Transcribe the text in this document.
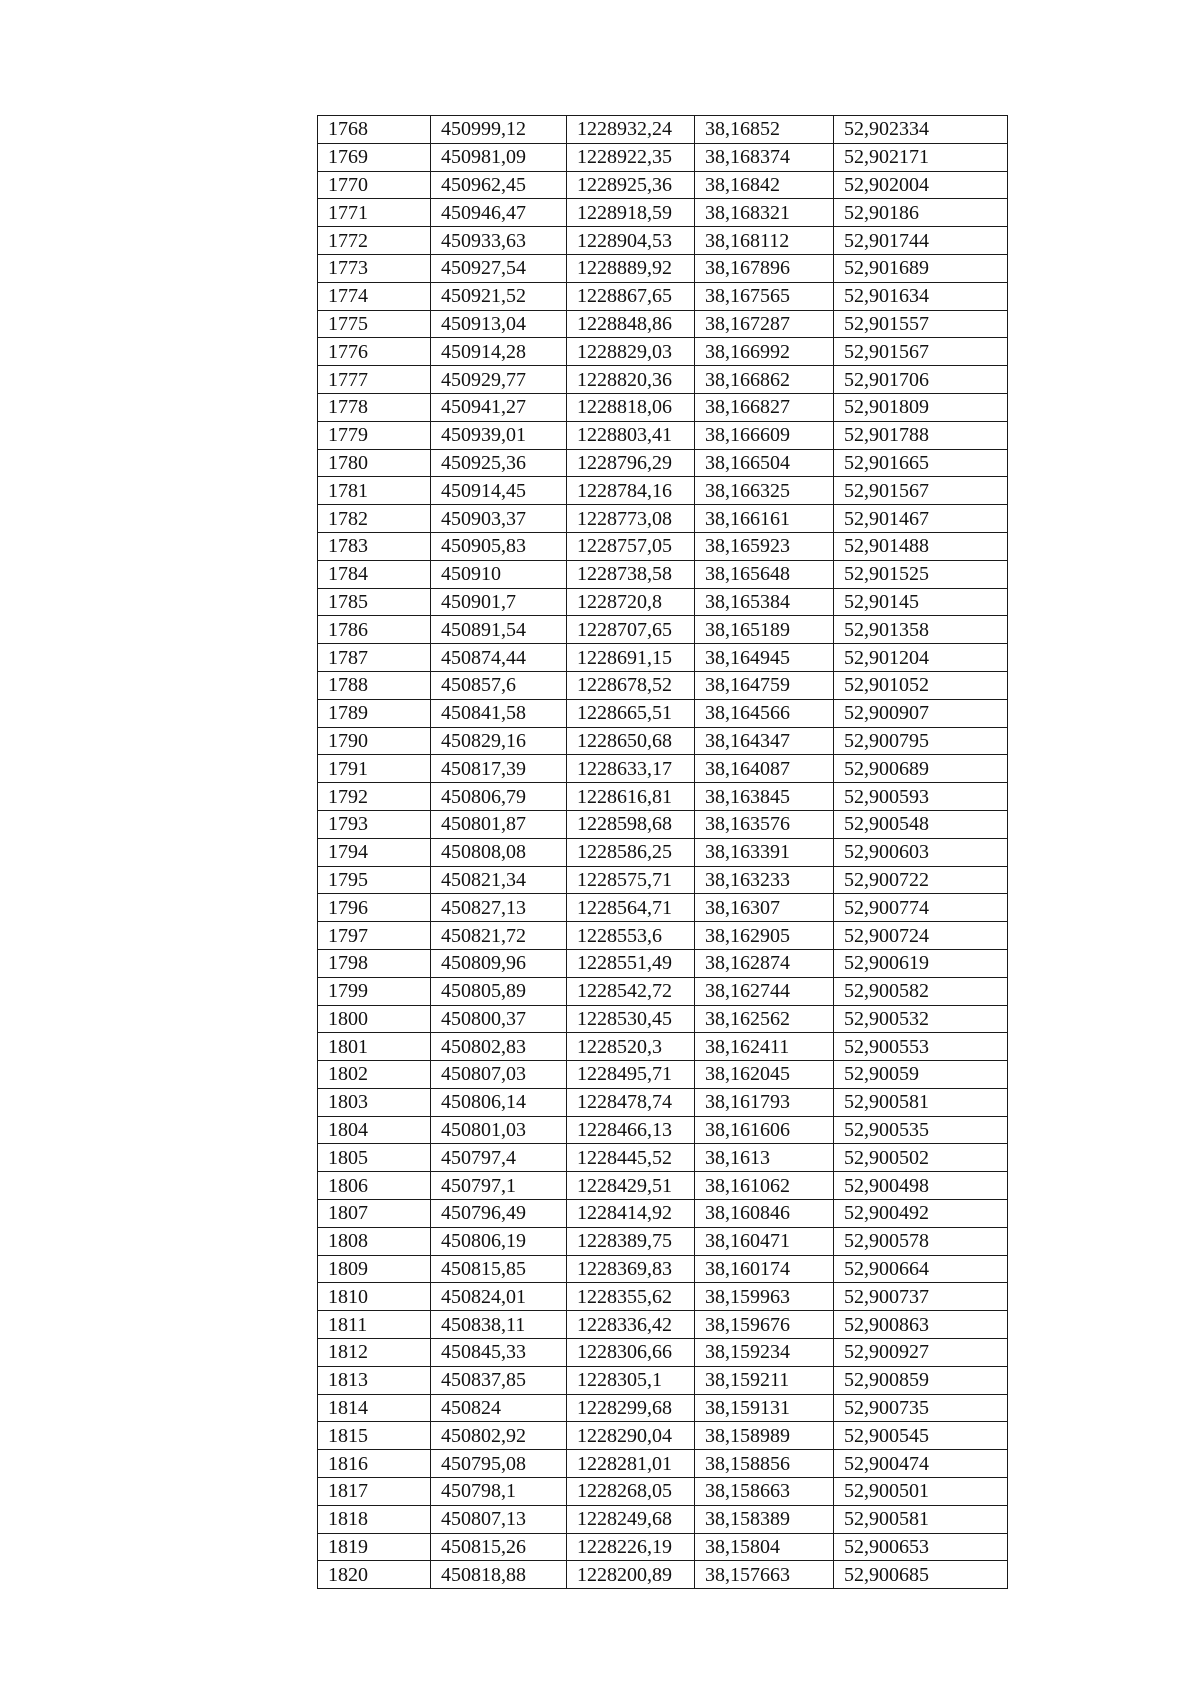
1768	450999,12	1228932,24	38,16852	52,902334
1769	450981,09	1228922,35	38,168374	52,902171
1770	450962,45	1228925,36	38,16842	52,902004
1771	450946,47	1228918,59	38,168321	52,90186
1772	450933,63	1228904,53	38,168112	52,901744
1773	450927,54	1228889,92	38,167896	52,901689
1774	450921,52	1228867,65	38,167565	52,901634
1775	450913,04	1228848,86	38,167287	52,901557
1776	450914,28	1228829,03	38,166992	52,901567
1777	450929,77	1228820,36	38,166862	52,901706
1778	450941,27	1228818,06	38,166827	52,901809
1779	450939,01	1228803,41	38,166609	52,901788
1780	450925,36	1228796,29	38,166504	52,901665
1781	450914,45	1228784,16	38,166325	52,901567
1782	450903,37	1228773,08	38,166161	52,901467
1783	450905,83	1228757,05	38,165923	52,901488
1784	450910	1228738,58	38,165648	52,901525
1785	450901,7	1228720,8	38,165384	52,90145
1786	450891,54	1228707,65	38,165189	52,901358
1787	450874,44	1228691,15	38,164945	52,901204
1788	450857,6	1228678,52	38,164759	52,901052
1789	450841,58	1228665,51	38,164566	52,900907
1790	450829,16	1228650,68	38,164347	52,900795
1791	450817,39	1228633,17	38,164087	52,900689
1792	450806,79	1228616,81	38,163845	52,900593
1793	450801,87	1228598,68	38,163576	52,900548
1794	450808,08	1228586,25	38,163391	52,900603
1795	450821,34	1228575,71	38,163233	52,900722
1796	450827,13	1228564,71	38,16307	52,900774
1797	450821,72	1228553,6	38,162905	52,900724
1798	450809,96	1228551,49	38,162874	52,900619
1799	450805,89	1228542,72	38,162744	52,900582
1800	450800,37	1228530,45	38,162562	52,900532
1801	450802,83	1228520,3	38,162411	52,900553
1802	450807,03	1228495,71	38,162045	52,90059
1803	450806,14	1228478,74	38,161793	52,900581
1804	450801,03	1228466,13	38,161606	52,900535
1805	450797,4	1228445,52	38,1613	52,900502
1806	450797,1	1228429,51	38,161062	52,900498
1807	450796,49	1228414,92	38,160846	52,900492
1808	450806,19	1228389,75	38,160471	52,900578
1809	450815,85	1228369,83	38,160174	52,900664
1810	450824,01	1228355,62	38,159963	52,900737
1811	450838,11	1228336,42	38,159676	52,900863
1812	450845,33	1228306,66	38,159234	52,900927
1813	450837,85	1228305,1	38,159211	52,900859
1814	450824	1228299,68	38,159131	52,900735
1815	450802,92	1228290,04	38,158989	52,900545
1816	450795,08	1228281,01	38,158856	52,900474
1817	450798,1	1228268,05	38,158663	52,900501
1818	450807,13	1228249,68	38,158389	52,900581
1819	450815,26	1228226,19	38,15804	52,900653
1820	450818,88	1228200,89	38,157663	52,900685
